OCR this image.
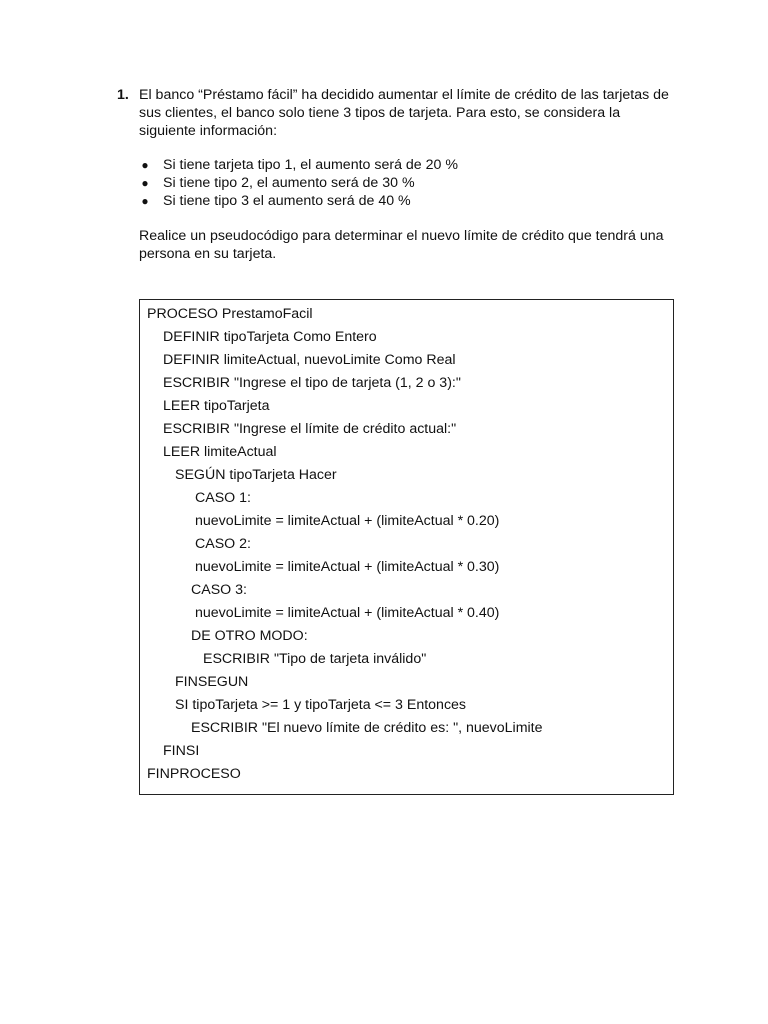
1. El banco “Préstamo fácil” ha decidido aumentar el límite de crédito de las tarjetas de sus clientes, el banco solo tiene 3 tipos de tarjeta. Para esto, se considera la siguiente información:

● Si tiene tarjeta tipo 1, el aumento será de 20 %
● Si tiene tipo 2, el aumento será de 30 %
● Si tiene tipo 3 el aumento será de 40 %

Realice un pseudocódigo para determinar el nuevo límite de crédito que tendrá una persona en su tarjeta.

PROCESO PrestamoFacil
DEFINIR tipoTarjeta Como Entero
DEFINIR limiteActual, nuevoLimite Como Real
ESCRIBIR "Ingrese el tipo de tarjeta (1, 2 o 3):"
LEER tipoTarjeta
ESCRIBIR "Ingrese el límite de crédito actual:"
LEER limiteActual
SEGÚN tipoTarjeta Hacer
CASO 1:
nuevoLimite = limiteActual + (limiteActual * 0.20)
CASO 2:
nuevoLimite = limiteActual + (limiteActual * 0.30)
CASO 3:
nuevoLimite = limiteActual + (limiteActual * 0.40)
DE OTRO MODO:
ESCRIBIR "Tipo de tarjeta inválido"
FINSEGUN
SI tipoTarjeta >= 1 y tipoTarjeta <= 3 Entonces
ESCRIBIR "El nuevo límite de crédito es: ", nuevoLimite
FINSI
FINPROCESO
